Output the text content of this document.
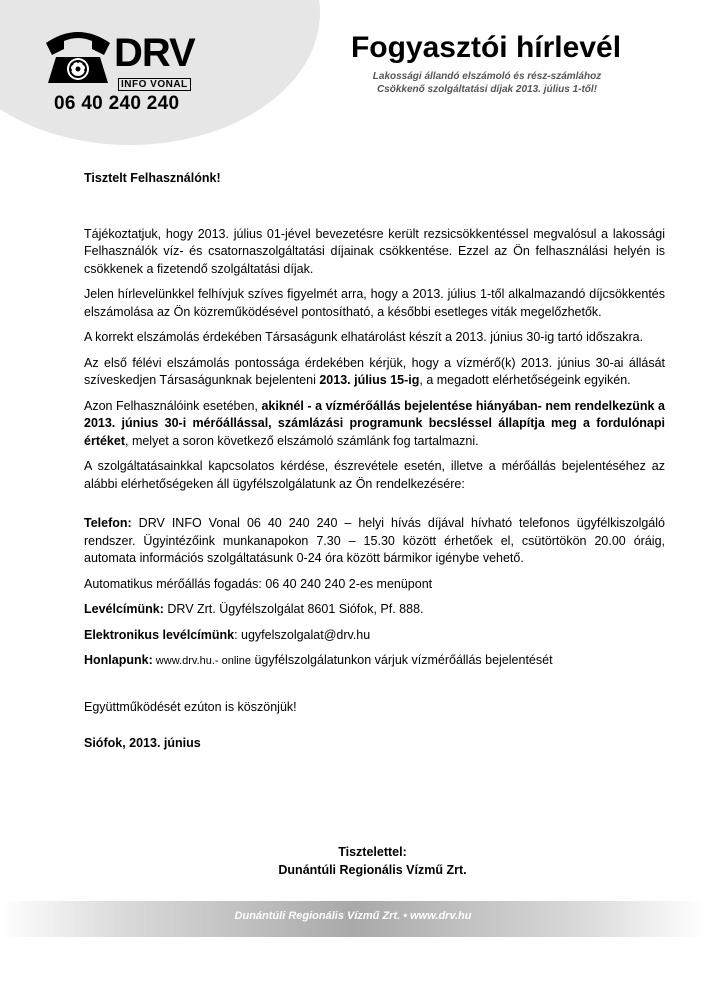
DRV
INFO VONAL
06 40 240 240
Fogyasztói hírlevél
Lakossági állandó elszámoló és rész-számlához
Csökkenő szolgáltatási díjak 2013. július 1-től!

Tisztelt Felhasználónk!

Tájékoztatjuk, hogy 2013. július 01-jével bevezetésre került rezsicsökkentéssel megvalósul a lakossági Felhasználók víz- és csatornaszolgáltatási díjainak csökkentése. Ezzel az Ön felhasználási helyén is csökkenek a fizetendő szolgáltatási díjak.

Jelen hírlevelünkkel felhívjuk szíves figyelmét arra, hogy a 2013. július 1-től alkalmazandó díjcsökkentés elszámolása az Ön közreműködésével pontosítható, a későbbi esetleges viták megelőzhetők.

A korrekt elszámolás érdekében Társaságunk elhatárolást készít a 2013. június 30-ig tartó időszakra.

Az első félévi elszámolás pontossága érdekében kérjük, hogy a vízmérő(k) 2013. június 30-ai állását szíveskedjen Társaságunknak bejelenteni 2013. július 15-ig, a megadott elérhetőségeink egyikén.

Azon Felhasználóink esetében, akiknél - a vízmérőállás bejelentése hiányában- nem rendelkezünk a 2013. június 30-i mérőállással, számlázási programunk becsléssel állapítja meg a fordulónapi értéket, melyet a soron következő elszámoló számlánk fog tartalmazni.

A szolgáltatásainkkal kapcsolatos kérdése, észrevétele esetén, illetve a mérőállás bejelentéséhez az alábbi elérhetőségeken áll ügyfélszolgálatunk az Ön rendelkezésére:

Telefon: DRV INFO Vonal 06 40 240 240 – helyi hívás díjával hívható telefonos ügyfélkiszolgáló rendszer. Ügyintézőink munkanapokon 7.30 – 15.30 között érhetőek el, csütörtökön 20.00 óráig, automata információs szolgáltatásunk 0-24 óra között bármikor igénybe vehető.

Automatikus mérőállás fogadás: 06 40 240 240 2-es menüpont

Levélcímünk: DRV Zrt. Ügyfélszolgálat 8601 Siófok, Pf. 888.

Elektronikus levélcímünk: ugyfelszolgalat@drv.hu

Honlapunk: www.drv.hu.- online ügyfélszolgálatunkon várjuk vízmérőállás bejelentését

Együttműködését ezúton is köszönjük!

Siófok, 2013. június

Tisztelettel:
Dunántúli Regionális Vízmű Zrt.
Dunántúli Regionális Vízmű Zrt. • www.drv.hu
